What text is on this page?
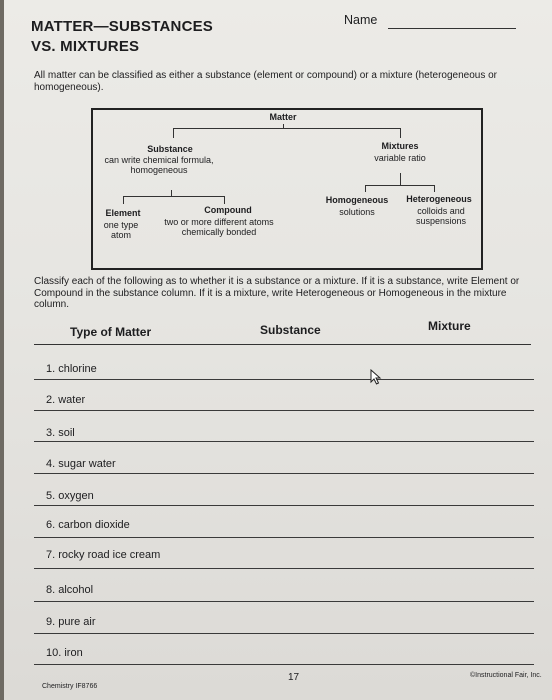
MATTER—SUBSTANCES
VS. MIXTURES
Name
All matter can be classified as either a substance (element or compound) or a mixture (heterogeneous or homogeneous).
Matter
Substance
can write chemical formula, homogeneous
Mixtures
variable ratio
Element
one type atom
Compound
two or more different atoms chemically bonded
Homogeneous
solutions
Heterogeneous
colloids and suspensions
Classify each of the following as to whether it is a substance or a mixture. If it is a substance, write Element or Compound in the substance column. If it is a mixture, write Heterogeneous or Homogeneous in the mixture column.
Type of Matter	Substance	Mixture
1. chlorine
2. water
3. soil
4. sugar water
5. oxygen
6. carbon dioxide
7. rocky road ice cream
8. alcohol
9. pure air
10. iron
Chemistry IF8766
17	©Instructional Fair, Inc.
